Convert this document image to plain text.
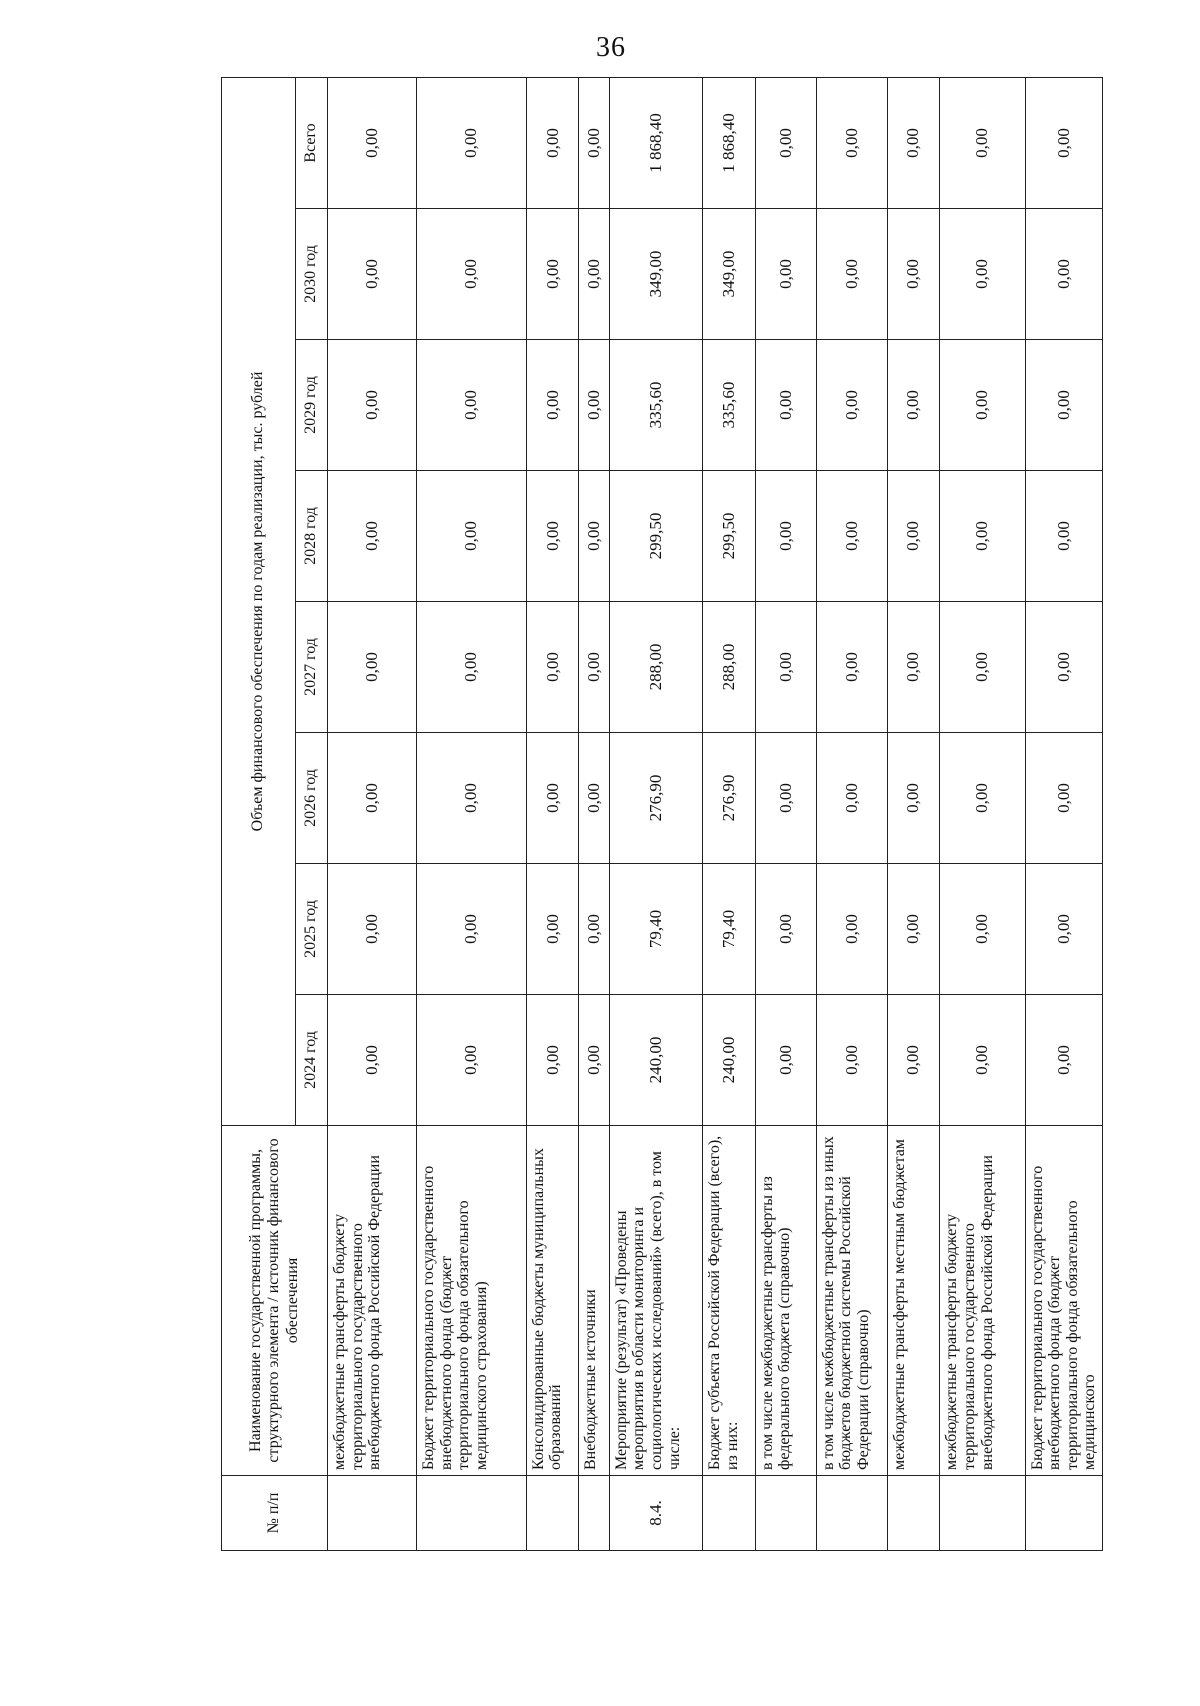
36
№ п/п	Наименование государственной программы, структурного элемента / источник финансового обеспечения	Объем финансового обеспечения по годам реализации, тыс. рублей							
		2024 год	2025 год	2026 год	2027 год	2028 год	2029 год	2030 год	Всего
	межбюджетные трансферты бюджету территориального государственного внебюджетного фонда Российской Федерации	0,00	0,00	0,00	0,00	0,00	0,00	0,00	0,00
	Бюджет территориального государственного внебюджетного фонда (бюджет территориального фонда обязательного медицинского страхования)	0,00	0,00	0,00	0,00	0,00	0,00	0,00	0,00
	Консолидированные бюджеты муниципальных образований	0,00	0,00	0,00	0,00	0,00	0,00	0,00	0,00
	Внебюджетные источники	0,00	0,00	0,00	0,00	0,00	0,00	0,00	0,00
8.4.	Мероприятие (результат) «Проведены мероприятия в области мониторинга и социологических исследований» (всего), в том числе:	240,00	79,40	276,90	288,00	299,50	335,60	349,00	1 868,40
	Бюджет субъекта Российской Федерации (всего), из них:	240,00	79,40	276,90	288,00	299,50	335,60	349,00	1 868,40
	в том числе межбюджетные трансферты из федерального бюджета (справочно)	0,00	0,00	0,00	0,00	0,00	0,00	0,00	0,00
	в том числе межбюджетные трансферты из иных бюджетов бюджетной системы Российской Федерации (справочно)	0,00	0,00	0,00	0,00	0,00	0,00	0,00	0,00
	межбюджетные трансферты местным бюджетам	0,00	0,00	0,00	0,00	0,00	0,00	0,00	0,00
	межбюджетные трансферты бюджету территориального государственного внебюджетного фонда Российской Федерации	0,00	0,00	0,00	0,00	0,00	0,00	0,00	0,00
	Бюджет территориального государственного внебюджетного фонда (бюджет территориального фонда обязательного медицинского	0,00	0,00	0,00	0,00	0,00	0,00	0,00	0,00
